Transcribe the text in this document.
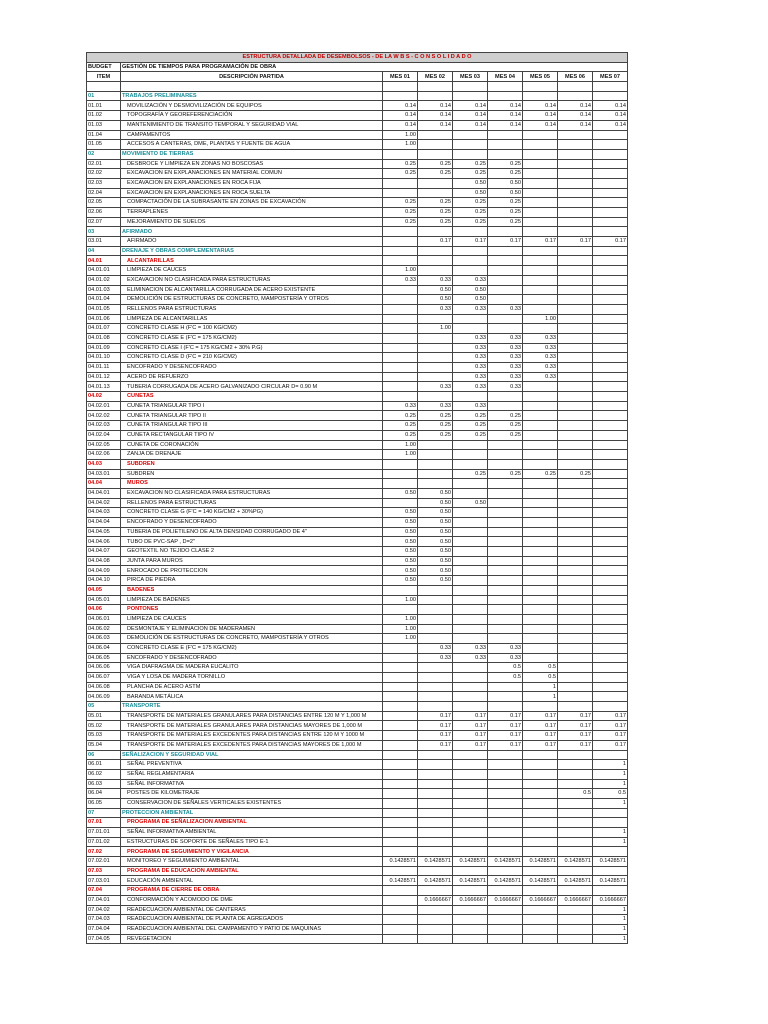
ESTRUCTURA DETALLADA DE DESEMBOLSOS - DE LA W B S - C O N S O L I D A D O								
BUDGET	GESTIÓN DE TIEMPOS PARA PROGRAMACIÓN DE OBRA							
ITEM	DESCRIPCIÓN PARTIDA	MES 01	MES 02	MES 03	MES 04	MES 05	MES 06	MES 07

01	TRABAJOS PRELIMINARES							
01.01	MOVILIZACIÓN Y DESMOVILIZACIÓN DE EQUIPOS	0.14	0.14	0.14	0.14	0.14	0.14	0.14
01.02	TOPOGRAFÍA Y GEOREFERENCIACIÓN	0.14	0.14	0.14	0.14	0.14	0.14	0.14
01.03	MANTENIMIENTO DE TRANSITO TEMPORAL Y SEGURIDAD VIAL	0.14	0.14	0.14	0.14	0.14	0.14	0.14
01.04	CAMPAMENTOS	1.00						
01.05	ACCESOS A CANTERAS, DME, PLANTAS Y FUENTE DE AGUA	1.00						
02	MOVIMIENTO DE TIERRAS							
02.01	DESBROCE Y LIMPIEZA EN ZONAS NO BOSCOSAS	0.25	0.25	0.25	0.25			
02.02	EXCAVACION EN EXPLANACIONES EN MATERIAL COMUN	0.25	0.25	0.25	0.25			
02.03	EXCAVACION EN EXPLANACIONES EN ROCA FIJA			0.50	0.50			
02.04	EXCAVACION EN EXPLANACIONES EN ROCA SUELTA			0.50	0.50			
02.05	COMPACTACIÓN DE LA SUBRASANTE EN ZONAS DE EXCAVACIÓN	0.25	0.25	0.25	0.25			
02.06	TERRAPLENES	0.25	0.25	0.25	0.25			
02.07	MEJORAMIENTO DE SUELOS	0.25	0.25	0.25	0.25			
03	AFIRMADO							
03.01	AFIRMADO		0.17	0.17	0.17	0.17	0.17	0.17
04	DRENAJE Y OBRAS COMPLEMENTARIAS							
04.01	ALCANTARILLAS							
04.01.01	LIMPIEZA DE CAUCES	1.00						
04.01.02	EXCAVACION NO CLASIFICADA PARA ESTRUCTURAS	0.33	0.33	0.33				
04.01.03	ELIMINACION DE ALCANTARILLA CORRUGADA DE ACERO EXISTENTE		0.50	0.50				
04.01.04	DEMOLICIÓN DE ESTRUCTURAS DE CONCRETO, MAMPOSTERÍA Y OTROS		0.50	0.50				
04.01.05	RELLENOS PARA ESTRUCTURAS		0.33	0.33	0.33			
04.01.06	LIMPIEZA DE ALCANTARILLAS					1.00		
04.01.07	CONCRETO CLASE H (F'C = 100 KG/CM2)		1.00					
04.01.08	CONCRETO CLASE E (F'C = 175 KG/CM2)			0.33	0.33	0.33		
04.01.09	CONCRETO CLASE I (F'C = 175 KG/CM2 + 30% P.G)			0.33	0.33	0.33		
04.01.10	CONCRETO CLASE D (F'C = 210 KG/CM2)			0.33	0.33	0.33		
04.01.11	ENCOFRADO Y DESENCOFRADO			0.33	0.33	0.33		
04.01.12	ACERO DE REFUERZO			0.33	0.33	0.33		
04.01.13	TUBERIA CORRUGADA DE ACERO GALVANIZADO CIRCULAR D= 0.90 M		0.33	0.33	0.33			
04.02	CUNETAS							
04.02.01	CUNETA TRIANGULAR TIPO I	0.33	0.33	0.33				
04.02.02	CUNETA TRIANGULAR TIPO II	0.25	0.25	0.25	0.25			
04.02.03	CUNETA TRIANGULAR TIPO III	0.25	0.25	0.25	0.25			
04.02.04	CUNETA RECTANGULAR TIPO IV	0.25	0.25	0.25	0.25			
04.02.05	CUNETA DE CORONACIÓN	1.00						
04.02.06	ZANJA DE DRENAJE	1.00						
04.03	SUBDREN							
04.03.01	SUBDREN			0.25	0.25	0.25	0.25	
04.04	MUROS							
04.04.01	EXCAVACION NO CLASIFICADA PARA ESTRUCTURAS	0.50	0.50					
04.04.02	RELLENOS PARA ESTRUCTURAS		0.50	0.50				
04.04.03	CONCRETO CLASE G (F'C = 140 KG/CM2 + 30%PG)	0.50	0.50					
04.04.04	ENCOFRADO Y DESENCOFRADO	0.50	0.50					
04.04.05	TUBERIA DE POLIETILENO DE ALTA DENSIDAD CORRUGADO DE 4"	0.50	0.50					
04.04.06	TUBO DE PVC-SAP , D=2"	0.50	0.50					
04.04.07	GEOTEXTIL NO TEJIDO CLASE 2	0.50	0.50					
04.04.08	JUNTA PARA MUROS	0.50	0.50					
04.04.09	ENROCADO DE PROTECCION	0.50	0.50					
04.04.10	PIRCA DE PIEDRA	0.50	0.50					
04.05	BADENES							
04.05.01	LIMPIEZA DE BADENES	1.00						
04.06	PONTONES							
04.06.01	LIMPIEZA DE CAUCES	1.00						
04.06.02	DESMONTAJE Y ELIMINACION DE MADERAMEN	1.00						
04.06.03	DEMOLICIÓN DE ESTRUCTURAS DE CONCRETO, MAMPOSTERÍA Y OTROS	1.00						
04.06.04	CONCRETO CLASE E (F'C = 175 KG/CM2)		0.33	0.33	0.33			
04.06.05	ENCOFRADO Y DESENCOFRADO		0.33	0.33	0.33			
04.06.06	VIGA DIAFRAGMA DE MADERA EUCALITO				0.5	0.5		
04.06.07	VIGA Y LOSA DE MADERA TORNILLO				0.5	0.5		
04.06.08	PLANCHA DE ACERO ASTM					1		
04.06.09	BARANDA METÁLICA					1		
05	TRANSPORTE							
05.01	TRANSPORTE DE MATERIALES GRANULARES PARA DISTANCIAS ENTRE 120 M Y 1,000 M		0.17	0.17	0.17	0.17	0.17	0.17
05.02	TRANSPORTE DE MATERIALES GRANULARES PARA DISTANCIAS MAYORES DE 1,000 M		0.17	0.17	0.17	0.17	0.17	0.17
05.03	TRANSPORTE DE MATERIALES EXCEDENTES PARA DISTANCIAS ENTRE 120 M Y 1000 M		0.17	0.17	0.17	0.17	0.17	0.17
05.04	TRANSPORTE DE MATERIALES EXCEDENTES PARA DISTANCIAS MAYORES DE 1,000 M		0.17	0.17	0.17	0.17	0.17	0.17
06	SEÑALIZACION Y SEGURIDAD VIAL							
06.01	SEÑAL PREVENTIVA							1
06.02	SEÑAL REGLAMENTARIA							1
06.03	SEÑAL INFORMATIVA							1
06.04	POSTES DE KILOMETRAJE						0.5	0.5
06.05	CONSERVACION DE SEÑALES VERTICALES EXISTENTES							1
07	PROTECCION AMBIENTAL							
07.01	PROGRAMA DE SEÑALIZACION AMBIENTAL							
07.01.01	SEÑAL INFORMATIVA AMBIENTAL							1
07.01.02	ESTRUCTURAS DE SOPORTE DE SEÑALES TIPO E-1							1
07.02	PROGRAMA DE SEGUIMIENTO Y VIGILANCIA							
07.02.01	MONITOREO Y SEGUIMIENTO AMBIENTAL	0.1428571	0.1428571	0.1428571	0.1428571	0.1428571	0.1428571	0.1428571
07.03	PROGRAMA DE EDUCACION AMBIENTAL							
07.03.01	EDUCACIÓN AMBIENTAL	0.1428571	0.1428571	0.1428571	0.1428571	0.1428571	0.1428571	0.1428571
07.04	PROGRAMA DE CIERRE DE OBRA							
07.04.01	CONFORMACIÓN Y ACOMODO DE DME		0.1666667	0.1666667	0.1666667	0.1666667	0.1666667	0.1666667
07.04.02	READECUACION AMBIENTAL DE CANTERAS							1
07.04.03	READECUACION AMBIENTAL DE PLANTA DE AGREGADOS							1
07.04.04	READECUACION AMBIENTAL DEL CAMPAMENTO Y PATIO DE MAQUINAS							1
07.04.05	REVEGETACION							1
